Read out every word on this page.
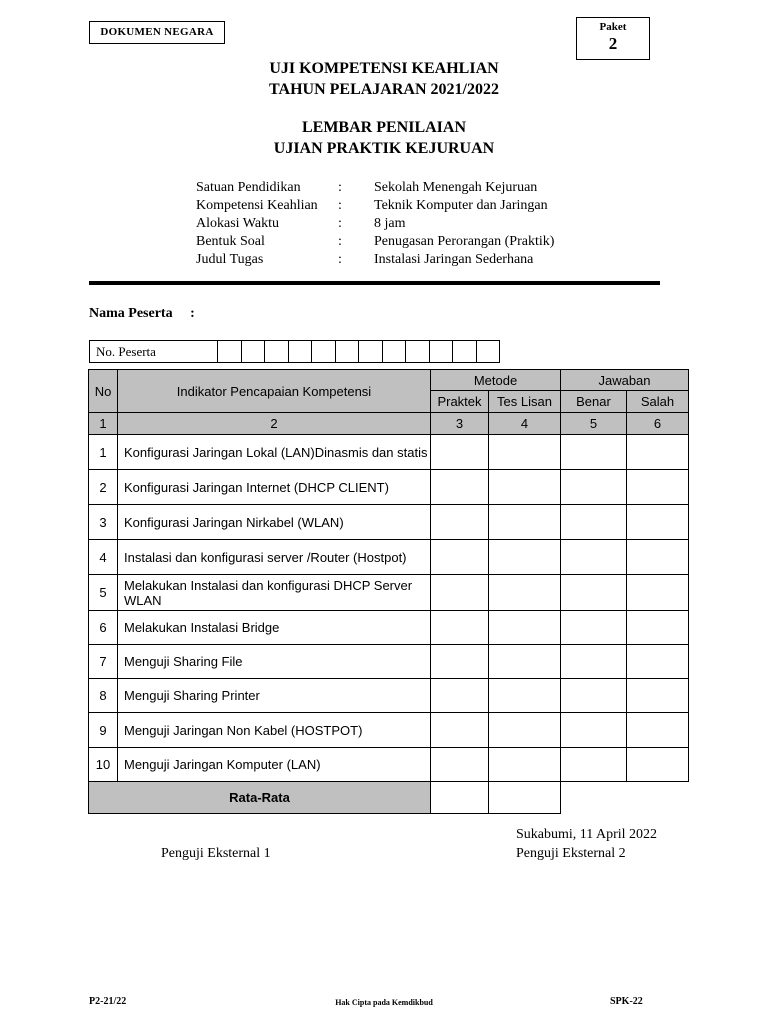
DOKUMEN NEGARA	Paket
2
UJI KOMPETENSI KEAHLIAN
TAHUN PELAJARAN 2021/2022
LEMBAR PENILAIAN
UJIAN PRAKTIK KEJURUAN
Satuan Pendidikan	: Sekolah Menengah Kejuruan
Kompetensi Keahlian : Teknik Komputer dan Jaringan
Alokasi Waktu	: 8 jam
Bentuk Soal	: Penugasan Perorangan (Praktik)
Judul Tugas	: Instalasi Jaringan Sederhana
Nama Peserta :
No. Peserta												
No	Indikator Pencapaian Kompetensi	Metode		Jawaban	
		Praktek	Tes Lisan	Benar	Salah
1	2	3	4	5	6
1	Konfigurasi Jaringan Lokal (LAN)Dinasmis dan statis				
2	Konfigurasi Jaringan Internet (DHCP CLIENT)				
3	Konfigurasi Jaringan Nirkabel (WLAN)				
4	Instalasi dan konfigurasi server /Router (Hostpot)				
5	Melakukan Instalasi dan konfigurasi DHCP Server WLAN				
6	Melakukan Instalasi Bridge				
7	Menguji Sharing File				
8	Menguji Sharing Printer				
9	Menguji Jaringan Non Kabel (HOSTPOT)				
10	Menguji Jaringan Komputer (LAN)				
Rata-Rata					
Sukabumi, 11 April 2022
Penguji Eksternal 1	Penguji Eksternal 2
P2-21/22	Hak Cipta pada Kemdikbud	SPK-22
